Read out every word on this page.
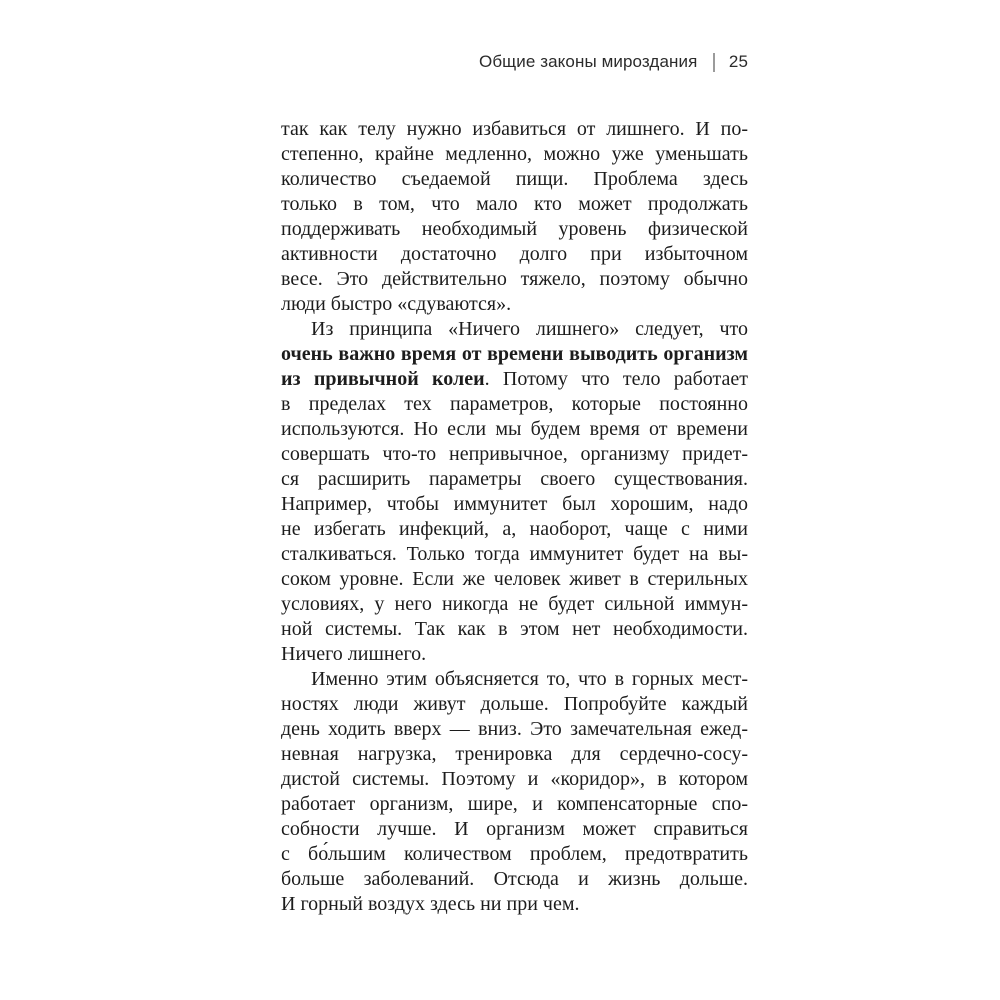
Общие законы мироздания 25
так как телу нужно избавиться от лишнего. И по-
степенно, крайне медленно, можно уже уменьшать
количество съедаемой пищи. Проблема здесь
только в том, что мало кто может продолжать
поддерживать необходимый уровень физической
активности достаточно долго при избыточном
весе. Это действительно тяжело, поэтому обычно
люди быстро «сдуваются».
Из принципа «Ничего лишнего» следует, что
очень важно время от времени выводить организм
из привычной колеи. Потому что тело работает
в пределах тех параметров, которые постоянно
используются. Но если мы будем время от времени
совершать что-то непривычное, организму придет-
ся расширить параметры своего существования.
Например, чтобы иммунитет был хорошим, надо
не избегать инфекций, а, наоборот, чаще с ними
сталкиваться. Только тогда иммунитет будет на вы-
соком уровне. Если же человек живет в стерильных
условиях, у него никогда не будет сильной иммун-
ной системы. Так как в этом нет необходимости.
Ничего лишнего.
Именно этим объясняется то, что в горных мест-
ностях люди живут дольше. Попробуйте каждый
день ходить вверх — вниз. Это замечательная ежед-
невная нагрузка, тренировка для сердечно-сосу-
дистой системы. Поэтому и «коридор», в котором
работает организм, шире, и компенсаторные спо-
собности лучше. И организм может справиться
с бо́льшим количеством проблем, предотвратить
больше заболеваний. Отсюда и жизнь дольше.
И горный воздух здесь ни при чем.
